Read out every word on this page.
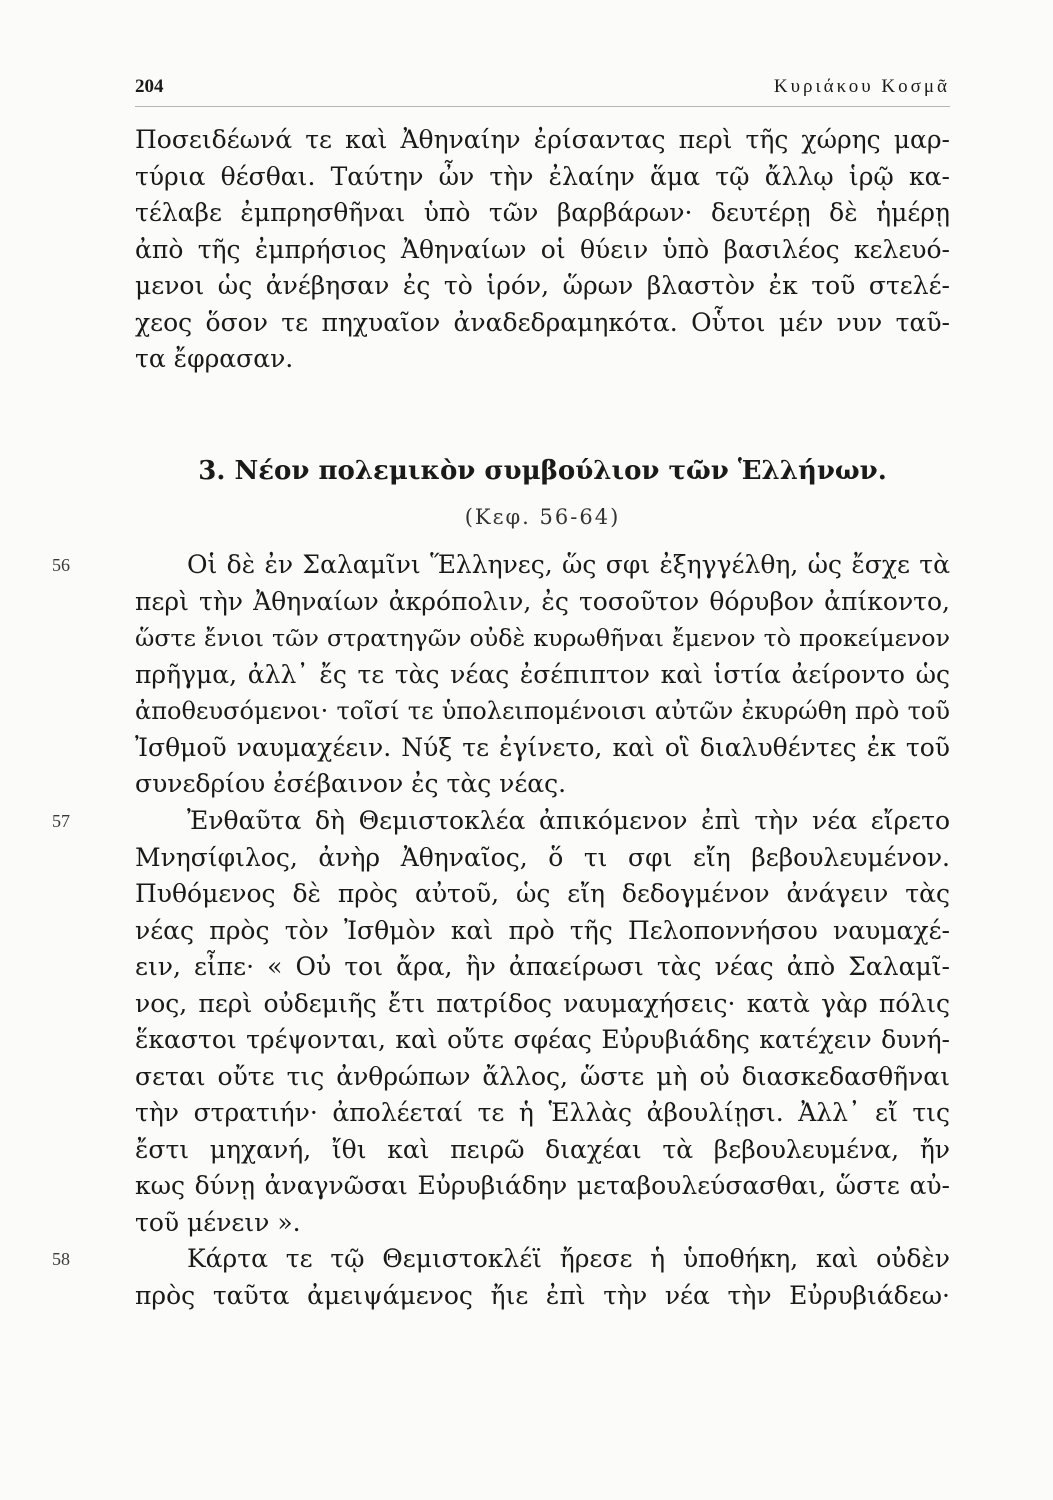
204	Κυριάκου Κοσμᾶ
Ποσειδέωνά τε καὶ Ἀθηναίην ἐρίσαντας περὶ τῆς χώρης μαρ-
τύρια θέσθαι. Ταύτην ὦν τὴν ἐλαίην ἅμα τῷ ἄλλῳ ἱρῷ κα-
τέλαβε ἐμπρησθῆναι ὑπὸ τῶν βαρβάρων· δευτέρῃ δὲ ἡμέρῃ
ἀπὸ τῆς ἐμπρήσιος Ἀθηναίων οἱ θύειν ὑπὸ βασιλέος κελευό-
μενοι ὡς ἀνέβησαν ἐς τὸ ἱρόν, ὥρων βλαστὸν ἐκ τοῦ στελέ-
χεος ὅσον τε πηχυαῖον ἀναδεδραμηκότα. Οὗτοι μέν νυν ταῦ-
τα ἔφρασαν.
3. Νέον πολεμικὸν συμβούλιον τῶν Ἑλλήνων.
(Κεφ. 56-64)
56	Οἱ δὲ ἐν Σαλαμῖνι Ἕλληνες, ὥς σφι ἐξηγγέλθη, ὡς ἔσχε τὰ
περὶ τὴν Ἀθηναίων ἀκρόπολιν, ἐς τοσοῦτον θόρυβον ἀπίκοντο,
ὥστε ἔνιοι τῶν στρατηγῶν οὐδὲ κυρωθῆναι ἔμενον τὸ προκείμενον
πρῆγμα, ἀλλ᾽ ἔς τε τὰς νέας ἐσέπιπτον καὶ ἱστία ἀείροντο ὡς
ἀποθευσόμενοι· τοῖσί τε ὑπολειπομένοισι αὐτῶν ἐκυρώθη πρὸ τοῦ
Ἰσθμοῦ ναυμαχέειν. Νύξ τε ἐγίνετο, καὶ οἳ διαλυθέντες ἐκ τοῦ
συνεδρίου ἐσέβαινον ἐς τὰς νέας.
57	Ἐνθαῦτα δὴ Θεμιστοκλέα ἀπικόμενον ἐπὶ τὴν νέα εἴρετο
Μνησίφιλος, ἀνὴρ Ἀθηναῖος, ὅ τι σφι εἴη βεβουλευμένον.
Πυθόμενος δὲ πρὸς αὐτοῦ, ὡς εἴη δεδογμένον ἀνάγειν τὰς
νέας πρὸς τὸν Ἰσθμὸν καὶ πρὸ τῆς Πελοποννήσου ναυμαχέ-
ειν, εἶπε· « Οὐ τοι ἄρα, ἢν ἀπαείρωσι τὰς νέας ἀπὸ Σαλαμῖ-
νος, περὶ οὐδεμιῆς ἔτι πατρίδος ναυμαχήσεις· κατὰ γὰρ πόλις
ἕκαστοι τρέψονται, καὶ οὔτε σφέας Εὐρυβιάδης κατέχειν δυνή-
σεται οὔτε τις ἀνθρώπων ἄλλος, ὥστε μὴ οὐ διασκεδασθῆναι
τὴν στρατιήν· ἀπολέεταί τε ἡ Ἑλλὰς ἀβουλίῃσι. Ἀλλ᾽ εἴ τις
ἔστι μηχανή, ἴθι καὶ πειρῶ διαχέαι τὰ βεβουλευμένα, ἤν
κως δύνῃ ἀναγνῶσαι Εὐρυβιάδην μεταβουλεύσασθαι, ὥστε αὐ-
τοῦ μένειν ».
58	Κάρτα τε τῷ Θεμιστοκλέϊ ἤρεσε ἡ ὑποθήκη, καὶ οὐδὲν
πρὸς ταῦτα ἀμειψάμενος ἤιε ἐπὶ τὴν νέα τὴν Εὐρυβιάδεω·
